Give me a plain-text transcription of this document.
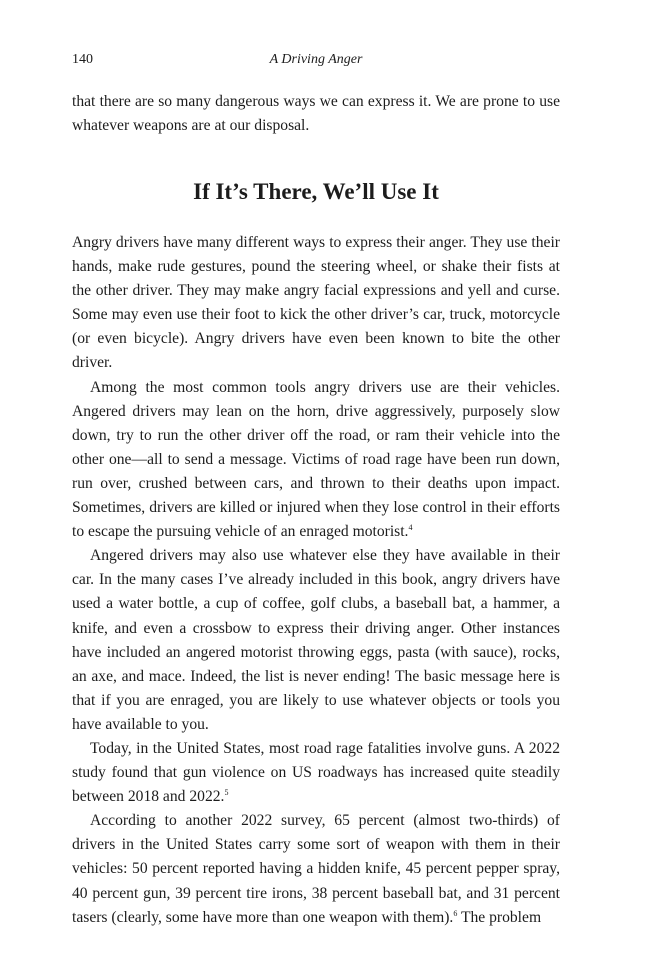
140	A Driving Anger

that there are so many dangerous ways we can express it. We are prone to use whatever weapons are at our disposal.

If It’s There, We’ll Use It

Angry drivers have many different ways to express their anger. They use their hands, make rude gestures, pound the steering wheel, or shake their fists at the other driver. They may make angry facial expressions and yell and curse. Some may even use their foot to kick the other driver’s car, truck, motorcycle (or even bicycle). Angry drivers have even been known to bite the other driver.

Among the most common tools angry drivers use are their vehicles. Angered drivers may lean on the horn, drive aggressively, purposely slow down, try to run the other driver off the road, or ram their vehicle into the other one—all to send a message. Victims of road rage have been run down, run over, crushed between cars, and thrown to their deaths upon impact. Sometimes, drivers are killed or injured when they lose control in their efforts to escape the pursuing vehicle of an enraged motorist.$^4$

Angered drivers may also use whatever else they have available in their car. In the many cases I’ve already included in this book, angry drivers have used a water bottle, a cup of coffee, golf clubs, a baseball bat, a hammer, a knife, and even a crossbow to express their driving anger. Other instances have included an angered motorist throwing eggs, pasta (with sauce), rocks, an axe, and mace. Indeed, the list is never ending! The basic message here is that if you are enraged, you are likely to use whatever objects or tools you have available to you.

Today, in the United States, most road rage fatalities involve guns. A 2022 study found that gun violence on US roadways has increased quite steadily between 2018 and 2022.$^5$

According to another 2022 survey, 65 percent (almost two-thirds) of drivers in the United States carry some sort of weapon with them in their vehicles: 50 percent reported having a hidden knife, 45 percent pepper spray, 40 percent gun, 39 percent tire irons, 38 percent baseball bat, and 31 percent tasers (clearly, some have more than one weapon with them).$^6$ The problem
